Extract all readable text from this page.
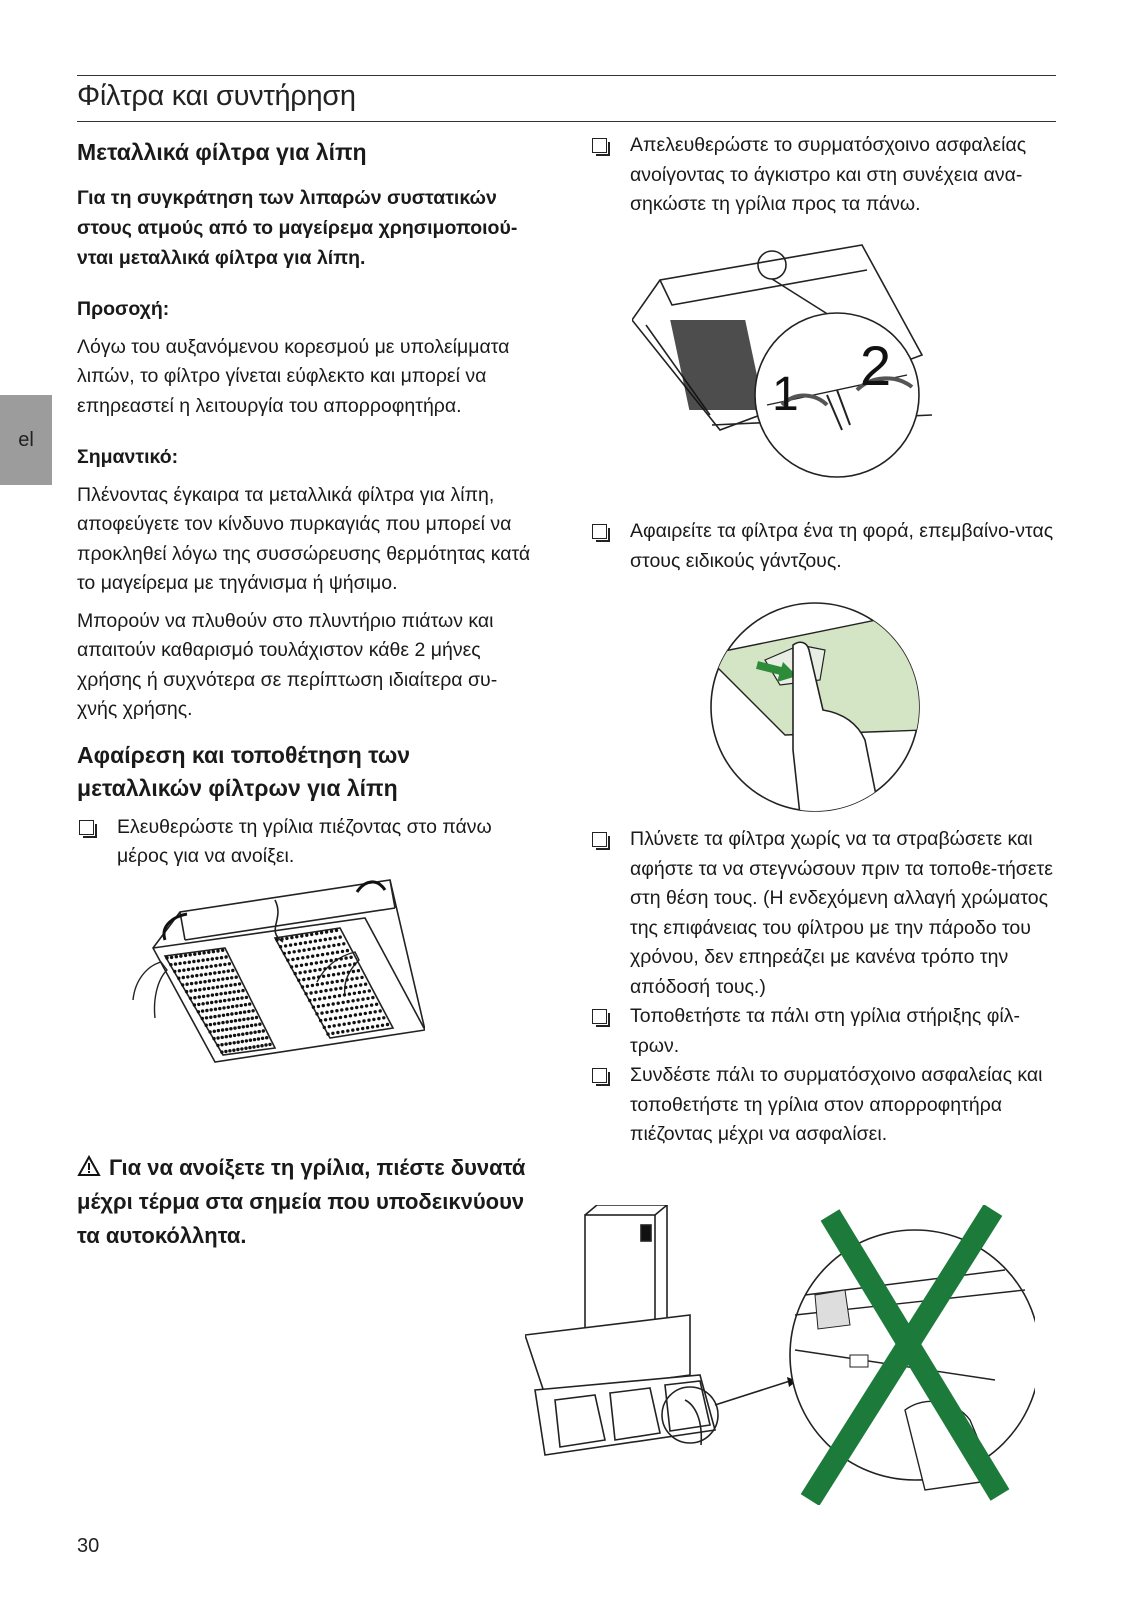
Φίλτρα και συντήρηση
el
Μεταλλικά φίλτρα για λίπη

Για τη συγκράτηση των λιπαρών συστατικών στους ατμούς από το μαγείρεμα χρησιμοποιού-νται μεταλλικά φίλτρα για λίπη.

Προσοχή:

Λόγω του αυξανόμενου κορεσμού με υπολείμματα λιπών, το φίλτρο γίνεται εύφλεκτο και μπορεί να επηρεαστεί η λειτουργία του απορροφητήρα.

Σημαντικό:

Πλένοντας έγκαιρα τα μεταλλικά φίλτρα για λίπη, αποφεύγετε τον κίνδυνο πυρκαγιάς που μπορεί να προκληθεί λόγω της συσσώρευσης θερμότητας κατά το μαγείρεμα με τηγάνισμα ή ψήσιμο.

Μπορούν να πλυθούν στο πλυντήριο πιάτων και απαιτούν καθαρισμό τουλάχιστον κάθε 2 μήνες χρήσης ή συχνότερα σε περίπτωση ιδιαίτερα συ-χνής χρήσης.

Αφαίρεση και τοποθέτηση των μεταλλικών φίλτρων για λίπη

Ελευθερώστε τη γρίλια πιέζοντας στο πάνω μέρος για να ανοίξει.

Για να ανοίξετε τη γρίλια, πιέστε δυνατά μέχρι τέρμα στα σημεία που υποδεικνύουν τα αυτοκόλλητα.

Απελευθερώστε το συρματόσχοινο ασφαλείας ανοίγοντας το άγκιστρο και στη συνέχεια ανα-σηκώστε τη γρίλια προς τα πάνω.

1 2

Αφαιρείτε τα φίλτρα ένα τη φορά, επεμβαίνο-ντας στους ειδικούς γάντζους.

Πλύνετε τα φίλτρα χωρίς να τα στραβώσετε και αφήστε τα να στεγνώσουν πριν τα τοποθε-τήσετε στη θέση τους. (Η ενδεχόμενη αλλαγή χρώματος της επιφάνειας του φίλτρου με την πάροδο του χρόνου, δεν επηρεάζει με κανένα τρόπο την απόδοσή τους.)

Τοποθετήστε τα πάλι στη γρίλια στήριξης φίλ-τρων.

Συνδέστε πάλι το συρματόσχοινο ασφαλείας και τοποθετήστε τη γρίλια στον απορροφητήρα πιέζοντας μέχρι να ασφαλίσει.

30
